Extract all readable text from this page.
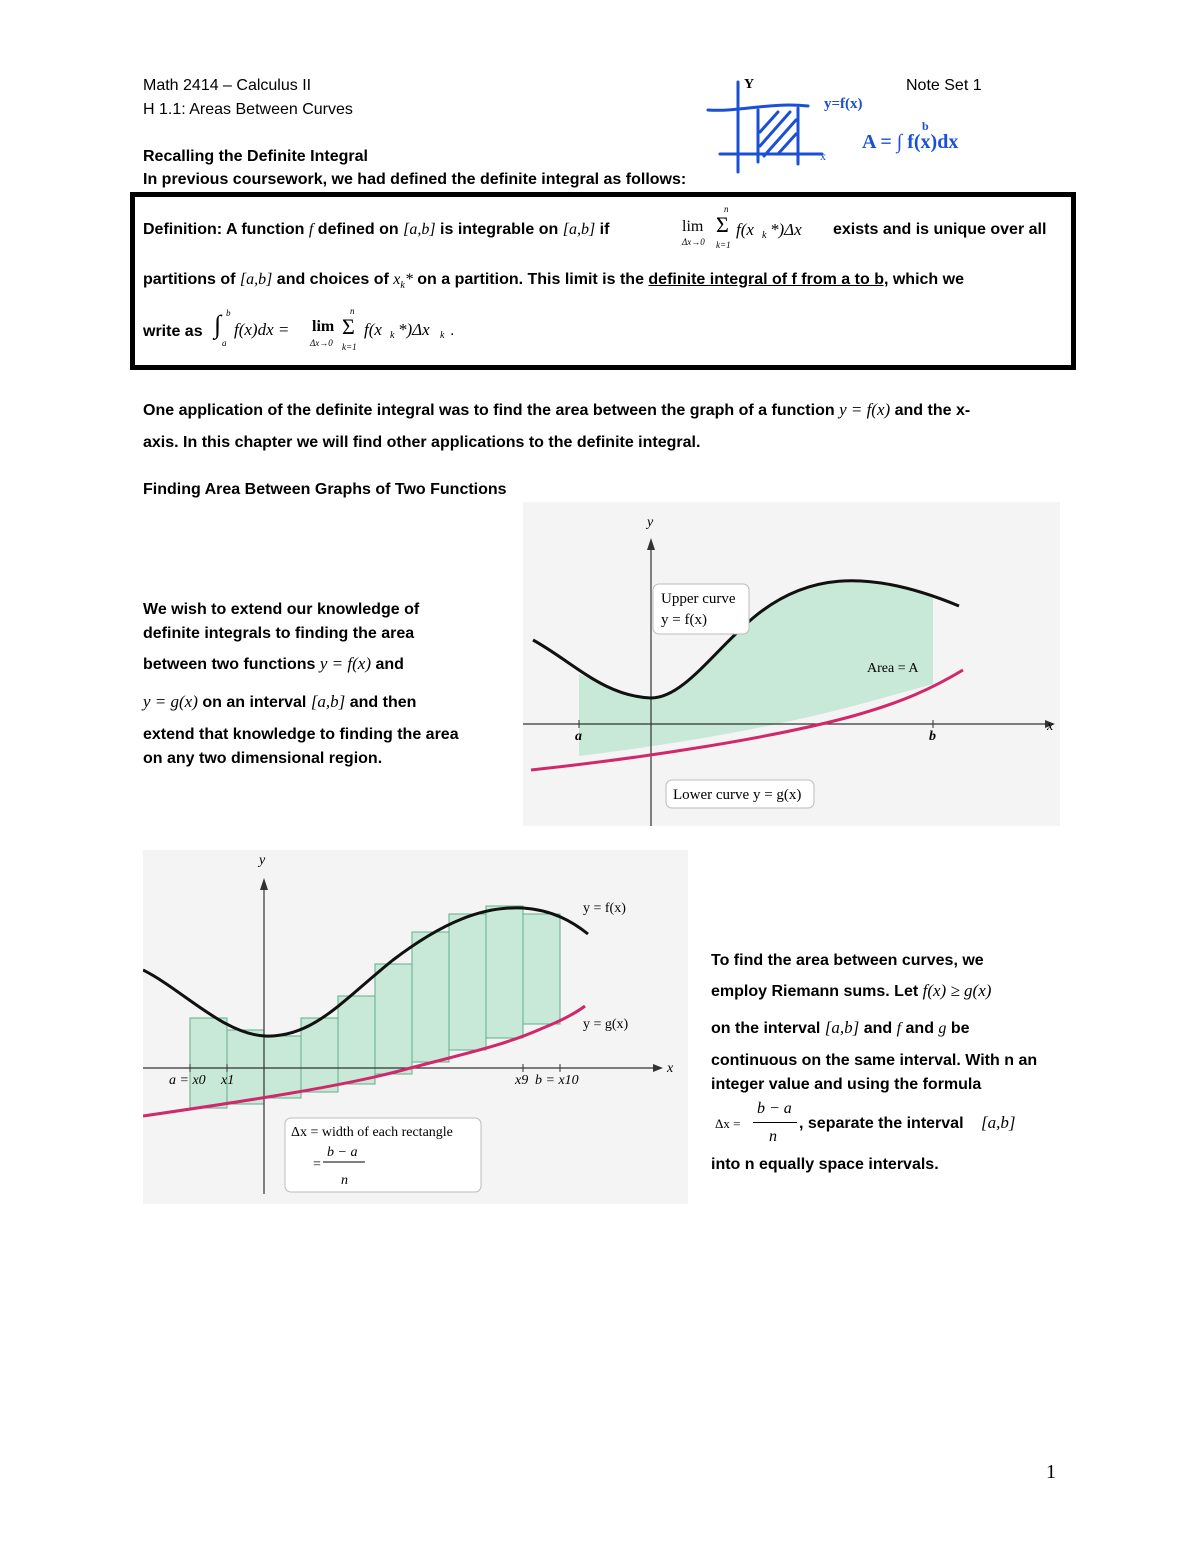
Math 2414 – Calculus II
H 1.1: Areas Between Curves
Note Set 1
Y
x
y=f(x)
A = ∫ f(x)dx
b
Recalling the Definite Integral
In previous coursework, we had defined the definite integral as follows:
Definition: A function f defined on [a,b] is integrable on [a,b] if	lim
Δx→0
n
Σ
k=1
f(x k *)Δx exists and is unique over all
partitions of [a,b] and choices of $x_k*$ on a partition. This limit is the definite integral of f from a to b, which we
write as ∫ b
a
f(x)dx = lim
Δx→0
n
Σ
k=1
f(x k *)Δx k .
One application of the definite integral was to find the area between the graph of a function y = f(x) and the x-
axis. In this chapter we will find other applications to the definite integral.
Finding Area Between Graphs of Two Functions
We wish to extend our knowledge of
definite integrals to finding the area
between two functions y = f(x) and
y = g(x) on an interval [a,b] and then
extend that knowledge to finding the area
on any two dimensional region.
y
x
a	b
Upper curve
y = f(x)
Area = A
Lower curve y = g(x)
y
x
y = f(x)
y = g(x)
a = x0 x1	x9 b = x10
Δx = width of each rectangle
b − a
=
n
To find the area between curves, we
employ Riemann sums. Let f(x) ≥ g(x)
on the interval [a,b] and f and g be
continuous on the same interval. With n an
integer value and using the formula
Δx =
b − a
n
, separate the interval [a,b]
into n equally space intervals.
1
